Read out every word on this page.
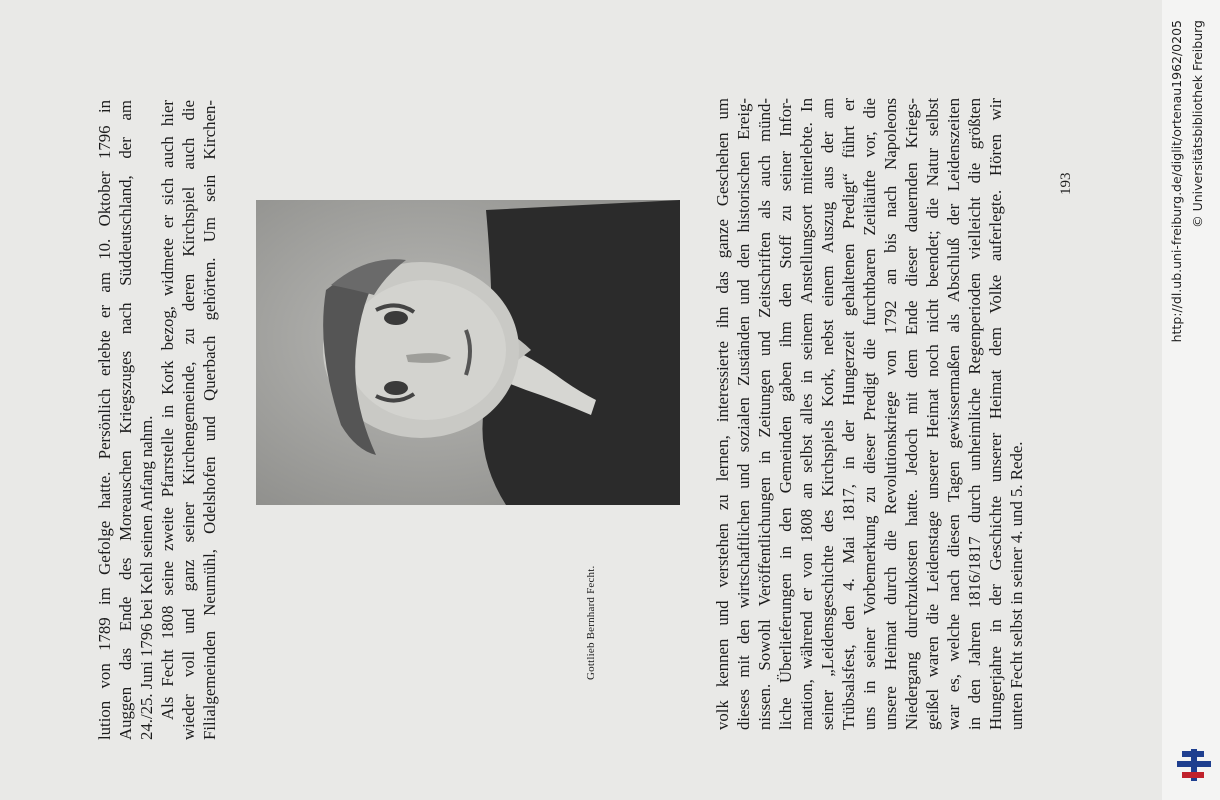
lution von 1789 im Gefolge hatte. Persönlich erlebte er am 10. Oktober 1796 in Auggen das Ende des Moreauschen Kriegszuges nach Süddeutschland, der am 24./25. Juni 1796 bei Kehl seinen Anfang nahm. Als Fecht 1808 seine zweite Pfarrstelle in Kork bezog, widmete er sich auch hier wieder voll und ganz seiner Kirchengemeinde, zu deren Kirchspiel auch die Filialgemeinden Neumühl, Odelshofen und Querbach gehörten. Um sein Kirchen-	Gottlieb Bernhard Fecht.	volk kennen und verstehen zu lernen, interessierte ihn das ganze Geschehen um dieses mit den wirtschaftlichen und sozialen Zuständen und den historischen Ereig- nissen. Sowohl Veröffentlichungen in Zeitungen und Zeitschriften als auch münd- liche Überlieferungen in den Gemeinden gaben ihm den Stoff zu seiner Infor- mation, während er von 1808 an selbst alles in seinem Anstellungsort miterlebte. In seiner „Leidensgeschichte des Kirchspiels Kork, nebst einem Auszug aus der am Trübsalsfest, den 4. Mai 1817, in der Hungerzeit gehaltenen Predigt“ führt er uns in seiner Vorbemerkung zu dieser Predigt die furchtbaren Zeitläufte vor, die unsere Heimat durch die Revolutionskriege von 1792 an bis nach Napoleons Niedergang durchzukosten hatte. Jedoch mit dem Ende dieser dauernden Kriegs- geißel waren die Leidenstage unserer Heimat noch nicht beendet; die Natur selbst war es, welche nach diesen Tagen gewissermaßen als Abschluß der Leidenszeiten in den Jahren 1816/1817 durch unheimliche Regenperioden vielleicht die größten Hungerjahre in der Geschichte unserer Heimat dem Volke auferlegte. Hören wir unten Fecht selbst in seiner 4. und 5. Rede.
193	http://dl.ub.uni-freiburg.de/diglit/ortenau1962/0205 © Universitätsbibliothek Freiburg
